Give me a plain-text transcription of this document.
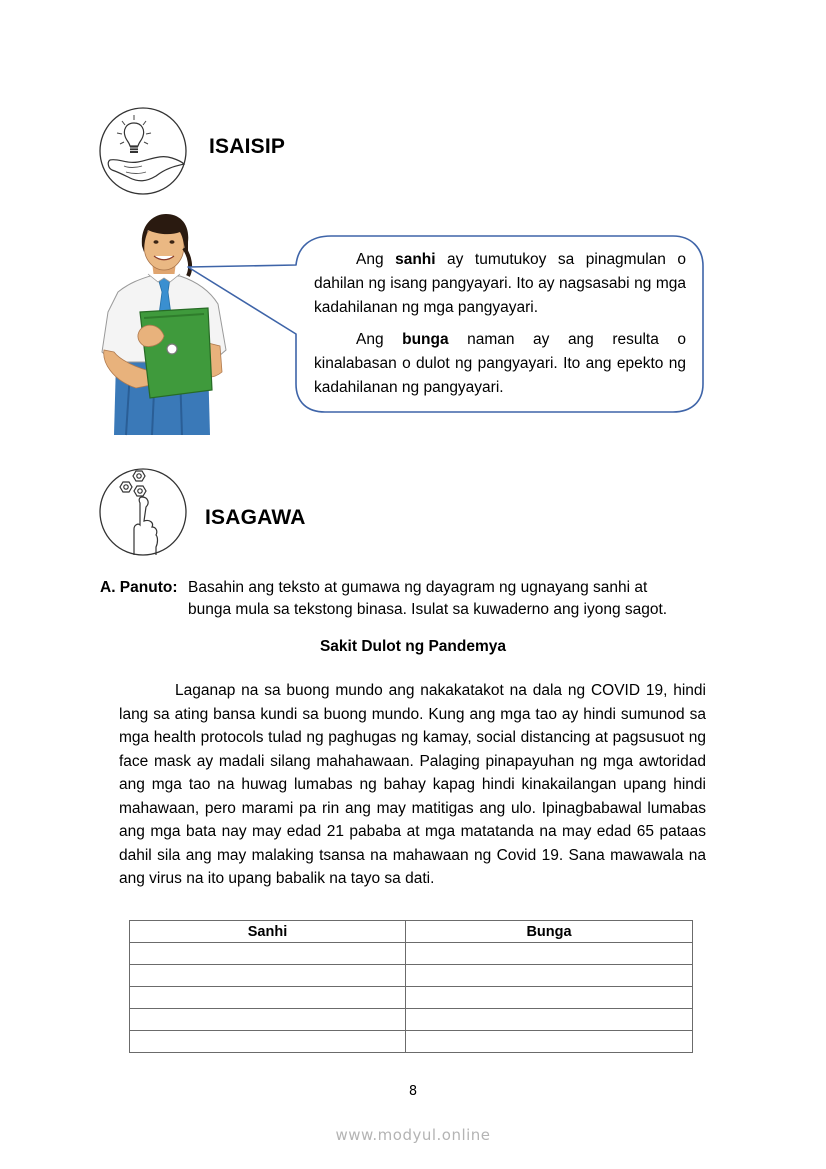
ISAISIP

Ang sanhi ay tumutukoy sa pinagmulan o dahilan ng isang pangyayari. Ito ay nagsasabi ng mga kadahilanan ng mga pangyayari.

Ang bunga naman ay ang resulta o kinalabasan o dulot ng pangyayari. Ito ang epekto ng kadahilanan ng pangyayari.

ISAGAWA
A. Panuto: Basahin ang teksto at gumawa ng dayagram ng ugnayang sanhi at
bunga mula sa tekstong binasa. Isulat sa kuwaderno ang iyong sagot.
Sakit Dulot ng Pandemya
Laganap na sa buong mundo ang nakakatakot na dala ng COVID 19, hindi lang sa ating bansa kundi sa buong mundo. Kung ang mga tao ay hindi sumunod sa mga health protocols tulad ng paghugas ng kamay, social distancing at pagsusuot ng face mask ay madali silang mahahawaan. Palaging pinapayuhan ng mga awtoridad ang mga tao na huwag lumabas ng bahay kapag hindi kinakailangan upang hindi mahawaan, pero marami pa rin ang may matitigas ang ulo. Ipinagbabawal lumabas ang mga bata nay may edad 21 pababa at mga matatanda na may edad 65 pataas dahil sila ang may malaking tsansa na mahawaan ng Covid 19. Sana mawawala na ang virus na ito upang babalik na tayo sa dati.
Sanhi	Bunga

8
www.modyul.online
